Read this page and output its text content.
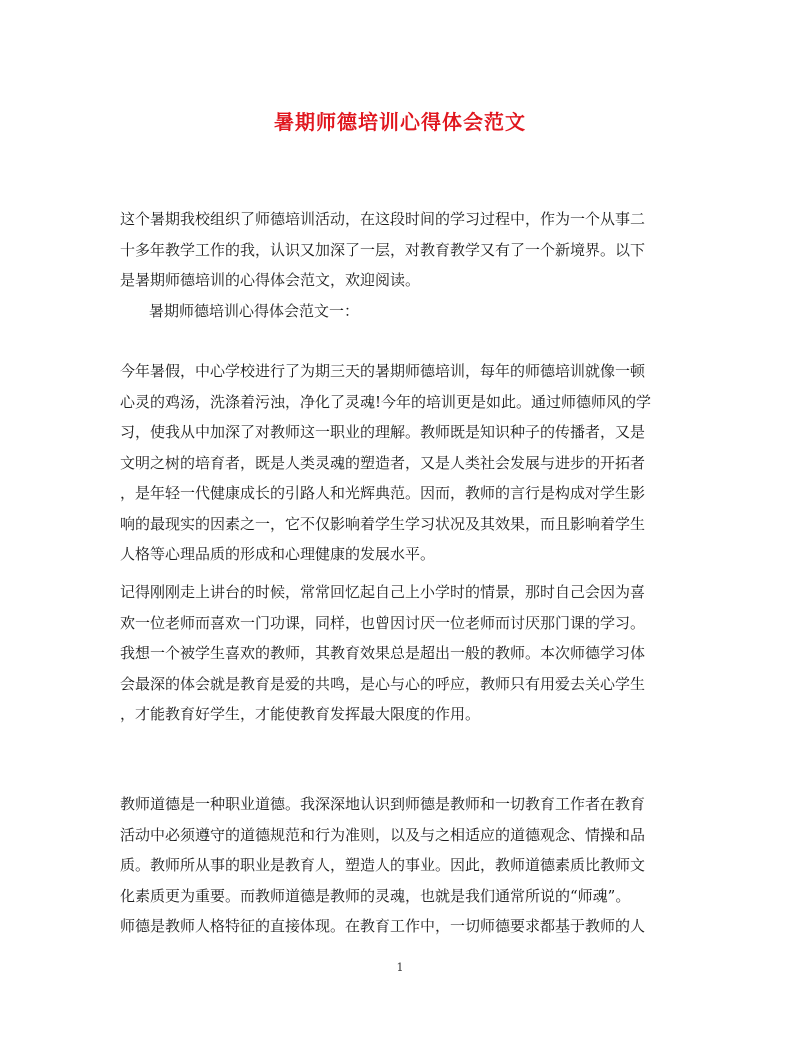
暑期师德培训心得体会范文
这个暑期我校组织了师德培训活动，在这段时间的学习过程中，作为一个从事二
十多年教学工作的我，认识又加深了一层，对教育教学又有了一个新境界。以下
是暑期师德培训的心得体会范文，欢迎阅读。

暑期师德培训心得体会范文一：

今年暑假，中心学校进行了为期三天的暑期师德培训，每年的师德培训就像一顿
心灵的鸡汤，洗涤着污浊，净化了灵魂!今年的培训更是如此。通过师德师风的学
习，使我从中加深了对教师这一职业的理解。教师既是知识种子的传播者，又是
文明之树的培育者，既是人类灵魂的塑造者，又是人类社会发展与进步的开拓者
，是年轻一代健康成长的引路人和光辉典范。因而，教师的言行是构成对学生影
响的最现实的因素之一，它不仅影响着学生学习状况及其效果，而且影响着学生
人格等心理品质的形成和心理健康的发展水平。
记得刚刚走上讲台的时候，常常回忆起自己上小学时的情景，那时自己会因为喜
欢一位老师而喜欢一门功课，同样，也曾因讨厌一位老师而讨厌那门课的学习。
我想一个被学生喜欢的教师，其教育效果总是超出一般的教师。本次师德学习体
会最深的体会就是教育是爱的共鸣，是心与心的呼应，教师只有用爱去关心学生
，才能教育好学生，才能使教育发挥最大限度的作用。
教师道德是一种职业道德。我深深地认识到师德是教师和一切教育工作者在教育
活动中必须遵守的道德规范和行为准则，以及与之相适应的道德观念、情操和品
质。教师所从事的职业是教育人，塑造人的事业。因此，教师道德素质比教师文
化素质更为重要。而教师道德是教师的灵魂，也就是我们通常所说的“师魂”。
师德是教师人格特征的直接体现。在教育工作中，一切师德要求都基于教师的人
1
